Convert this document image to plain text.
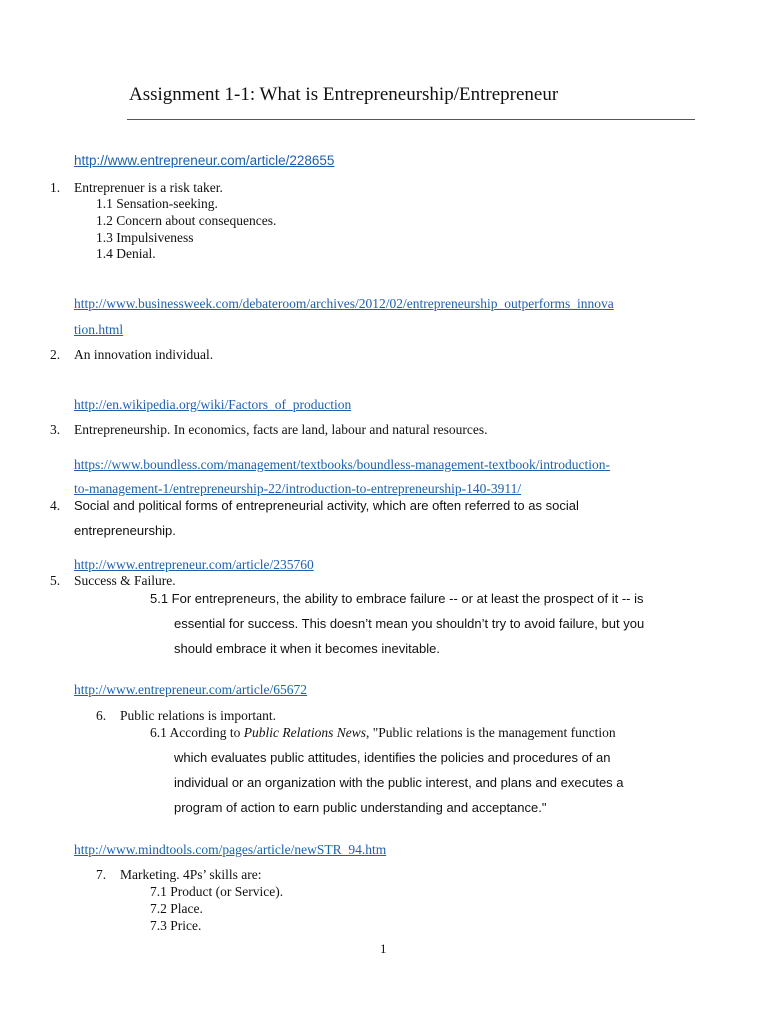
Assignment 1-1: What is Entrepreneurship/Entrepreneur
http://www.entrepreneur.com/article/228655
1. Entreprenuer is a risk taker.
1.1 Sensation-seeking.
1.2 Concern about consequences.
1.3 Impulsiveness
1.4 Denial.
http://www.businessweek.com/debateroom/archives/2012/02/entrepreneurship_outperforms_innova
tion.html
2. An innovation individual.
http://en.wikipedia.org/wiki/Factors_of_production
3. Entrepreneurship. In economics, facts are land, labour and natural resources.
https://www.boundless.com/management/textbooks/boundless-management-textbook/introduction-
to-management-1/entrepreneurship-22/introduction-to-entrepreneurship-140-3911/
4. Social and political forms of entrepreneurial activity, which are often referred to as social
entrepreneurship.
http://www.entrepreneur.com/article/235760
5. Success & Failure.
5.1 For entrepreneurs, the ability to embrace failure -- or at least the prospect of it -- is
essential for success. This doesn’t mean you shouldn’t try to avoid failure, but you
should embrace it when it becomes inevitable.
http://www.entrepreneur.com/article/65672
6. Public relations is important.
6.1 According to Public Relations News, "Public relations is the management function
which evaluates public attitudes, identifies the policies and procedures of an
individual or an organization with the public interest, and plans and executes a
program of action to earn public understanding and acceptance."
http://www.mindtools.com/pages/article/newSTR_94.htm
7. Marketing. 4Ps’ skills are:
7.1 Product (or Service).
7.2 Place.
7.3 Price.
1
